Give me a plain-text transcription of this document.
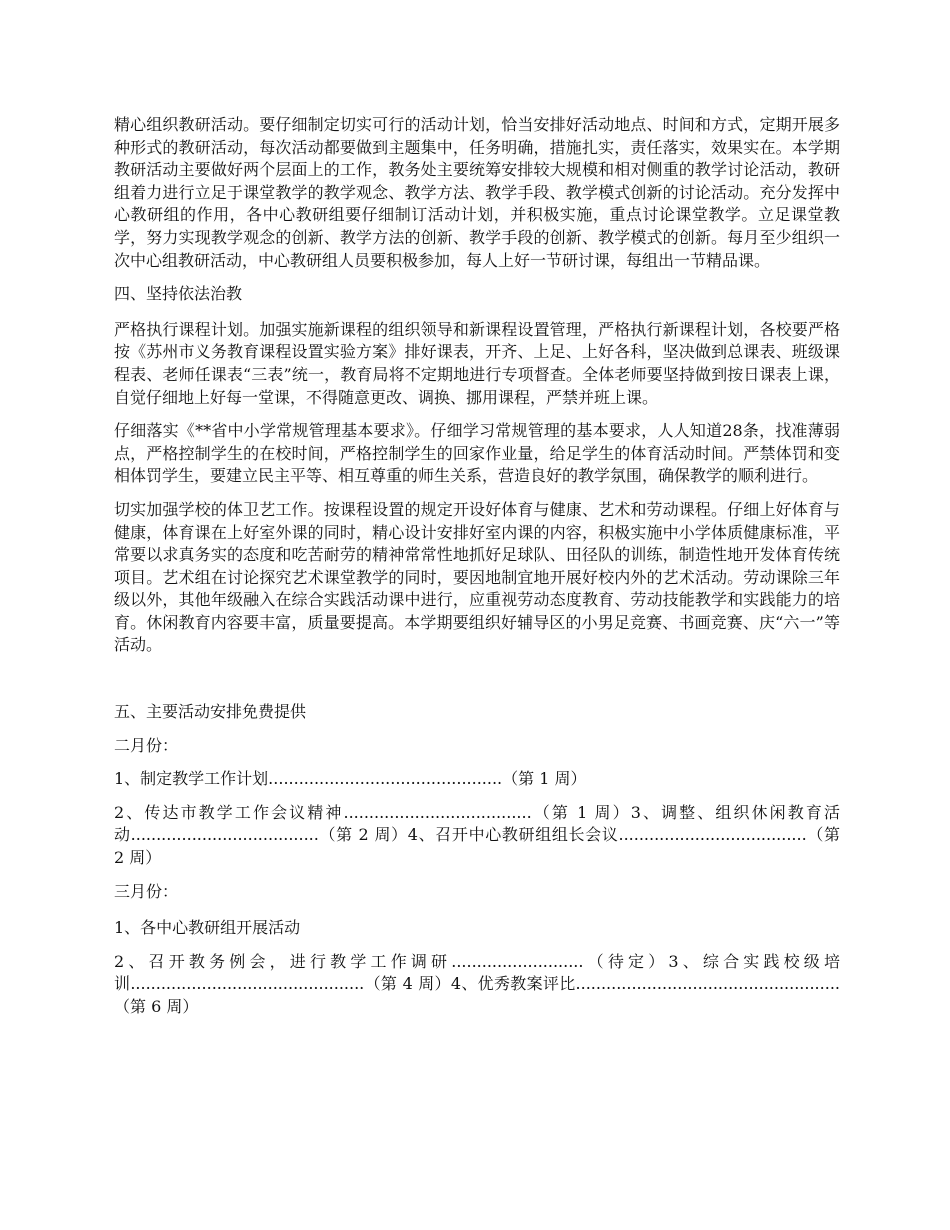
精心组织教研活动。要仔细制定切实可行的活动计划，恰当安排好活动地点、时间和方式，定期开展多种形式的教研活动，每次活动都要做到主题集中，任务明确，措施扎实，责任落实，效果实在。本学期教研活动主要做好两个层面上的工作，教务处主要统筹安排较大规模和相对侧重的教学讨论活动，教研组着力进行立足于课堂教学的教学观念、教学方法、教学手段、教学模式创新的讨论活动。充分发挥中心教研组的作用，各中心教研组要仔细制订活动计划，并积极实施，重点讨论课堂教学。立足课堂教学，努力实现教学观念的创新、教学方法的创新、教学手段的创新、教学模式的创新。每月至少组织一次中心组教研活动，中心教研组人员要积极参加，每人上好一节研讨课，每组出一节精品课。

四、坚持依法治教

严格执行课程计划。加强实施新课程的组织领导和新课程设置管理，严格执行新课程计划，各校要严格按《苏州市义务教育课程设置实验方案》排好课表，开齐、上足、上好各科，坚决做到总课表、班级课程表、老师任课表“三表”统一，教育局将不定期地进行专项督查。全体老师要坚持做到按日课表上课，自觉仔细地上好每一堂课，不得随意更改、调换、挪用课程，严禁并班上课。

仔细落实《**省中小学常规管理基本要求》。仔细学习常规管理的基本要求，人人知道28条，找准薄弱点，严格控制学生的在校时间，严格控制学生的回家作业量，给足学生的体育活动时间。严禁体罚和变相体罚学生，要建立民主平等、相互尊重的师生关系，营造良好的教学氛围，确保教学的顺利进行。

切实加强学校的体卫艺工作。按课程设置的规定开设好体育与健康、艺术和劳动课程。仔细上好体育与健康，体育课在上好室外课的同时，精心设计安排好室内课的内容，积极实施中小学体质健康标准，平常要以求真务实的态度和吃苦耐劳的精神常常性地抓好足球队、田径队的训练，制造性地开发体育传统项目。艺术组在讨论探究艺术课堂教学的同时，要因地制宜地开展好校内外的艺术活动。劳动课除三年级以外，其他年级融入在综合实践活动课中进行，应重视劳动态度教育、劳动技能教学和实践能力的培育。休闲教育内容要丰富，质量要提高。本学期要组织好辅导区的小男足竞赛、书画竞赛、庆“六一”等活动。

五、主要活动安排免费提供

二月份：

1、制定教学工作计划..............................................（第 1 周）

2、传达市教学工作会议精神.....................................（第 1 周）3、调整、组织休闲教育活动.....................................（第 2 周）4、召开中心教研组组长会议.....................................（第 2 周）

三月份：

1、各中心教研组开展活动

2、召开教务例会，进行教学工作调研..........................（待定）3、综合实践校级培训..............................................（第 4 周）4、优秀教案评比....................................................（第 6 周）
